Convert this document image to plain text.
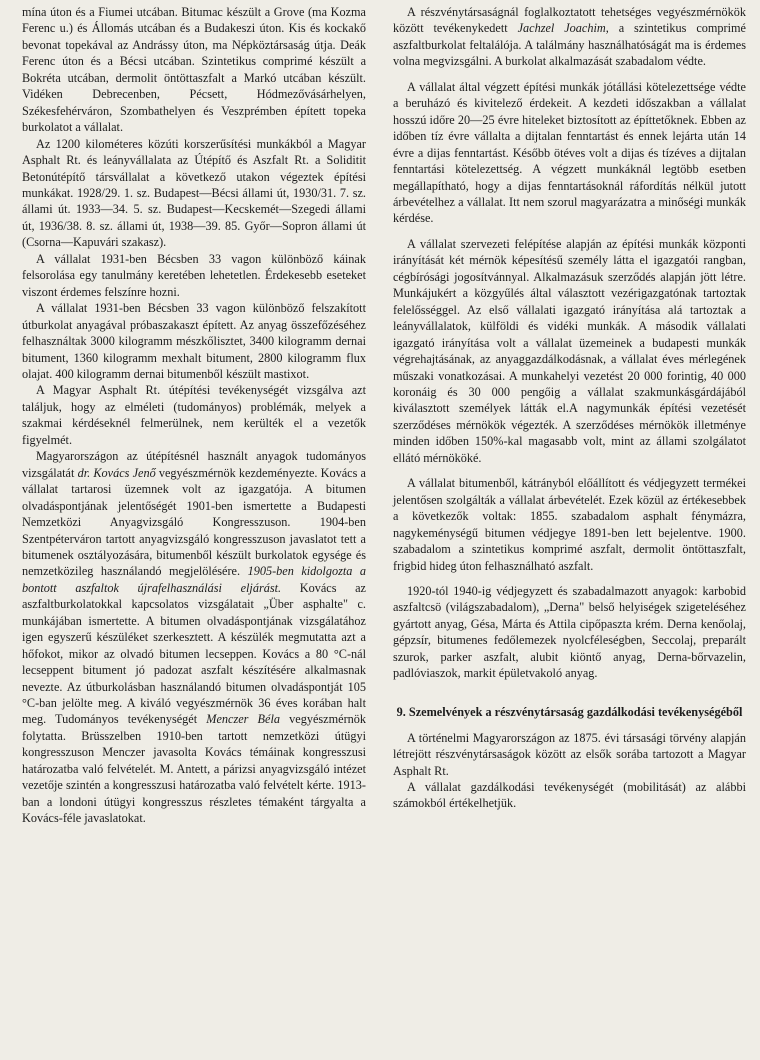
mína úton és a Fiumei utcában. Bitumac készült a Grove (ma Kozma Ferenc u.) és Állomás utcában és a Budakeszi úton. Kis és kockakő bevonat topekával az Andrássy úton, ma Népköztársaság útja. Deák Ferenc úton és a Bécsi utcában. Szintetikus comprimé készült a Bokréta utcában, dermolit öntöttaszfalt a Markó utcában készült. Vidéken Debrecenben, Pécsett, Hódmezővásárhelyen, Székesfehérváron, Szombathelyen és Veszprémben épített topeka burkolatot a vállalat.

Az 1200 kilométeres közúti korszerűsítési munkákból a Magyar Asphalt Rt. és leányvállalata az Útépítő és Aszfalt Rt. a Soliditit Betonútépítő társvállalat a következő utakon végeztek építési munkákat. 1928/29. 1. sz. Budapest—Bécsi állami út, 1930/31. 7. sz. állami út. 1933—34. 5. sz. Budapest—Kecskemét—Szegedi állami út, 1936/38. 8. sz. állami út, 1938—39. 85. Győr—Sopron állami út (Csorna—Kapuvári szakasz).

A vállalat 1931-ben Bécsben 33 vagon különböző káinak felsorolása egy tanulmány keretében lehetetlen. Érdekesebb eseteket viszont érdemes felszínre hozni.

A vállalat 1931-ben Bécsben 33 vagon különböző felszakított útburkolat anyagával próbaszakaszt épített. Az anyag összefőzéséhez felhasználtak 3000 kilogramm mészkőlisztet, 3400 kilogramm dernai bitument, 1360 kilogramm mexhalt bitument, 2800 kilogramm flux olajat. 400 kilogramm dernai bitumenből készült mastixot.

A Magyar Asphalt Rt. útépítési tevékenységét vizsgálva azt találjuk, hogy az elméleti (tudományos) problémák, melyek a szakmai kérdéseknél felmerülnek, nem kerülték el a vezetők figyelmét.

Magyarországon az útépítésnél használt anyagok tudományos vizsgálatát dr. Kovács Jenő vegyészmérnök kezdeményezte. Kovács a vállalat tartarosi üzemnek volt az igazgatója. A bitumen olvadáspontjának jelentőségét 1901-ben ismertette a Budapesti Nemzetközi Anyagvizsgáló Kongresszuson. 1904-ben Szentpéterváron tartott anyagvizsgáló kongresszuson javaslatot tett a bitumenek osztályozására, bitumenből készült burkolatok egysége és nemzetközileg használandó megjelölésére. 1905-ben kidolgozta a bontott aszfaltok újrafelhasználási eljárást. Kovács az aszfaltburkolatokkal kapcsolatos vizsgálatait „Über asphalte" c. munkájában ismertette. A bitumen olvadáspontjának vizsgálatához igen egyszerű készüléket szerkesztett. A készülék megmutatta azt a hőfokot, mikor az olvadó bitumen lecseppen. Kovács a 80 °C-nál lecseppent bitument jó padozat aszfalt készítésére alkalmasnak nevezte. Az útburkolásban használandó bitumen olvadáspontját 105 °C-ban jelölte meg. A kiváló vegyészmérnök 36 éves korában halt meg. Tudományos tevékenységét Menczer Béla vegyészmérnök folytatta. Brüsszelben 1910-ben tartott nemzetközi útügyi kongresszuson Menczer javasolta Kovács témáinak kongresszusi határozatba való felvételét. M. Antett, a párizsi anyagvizsgáló intézet vezetője szintén a kongresszusi határozatba való felvételt kérte. 1913-ban a londoni útügyi kongresszus részletes témaként tárgyalta a Kovács-féle javaslatokat.

A részvénytársaságnál foglalkoztatott tehetséges vegyészmérnökök között tevékenykedett Jachzel Joachim, a szintetikus comprimé aszfaltburkolat feltalálója. A találmány használhatóságát ma is érdemes volna megvizsgálni. A burkolat alkalmazását szabadalom védte.

A vállalat által végzett építési munkák jótállási kötelezettsége védte a beruházó és kivitelező érdekeit. A kezdeti időszakban a vállalat hosszú időre 20—25 évre hiteleket biztosított az építtetőknek. Ebben az időben tíz évre vállalta a dijtalan fenntartást és ennek lejárta után 14 évre a dijas fenntartást. Később ötéves volt a dijas és tízéves a dijtalan fenntartási kötelezettség. A végzett munkáknál legtöbb esetben megállapítható, hogy a dijas fenntartásoknál ráfordítás nélkül jutott árbevételhez a vállalat. Itt nem szorul magyarázatra a minőségi munkák kérdése.

A vállalat szervezeti felépítése alapján az építési munkák központi irányítását két mérnök képesítésű személy látta el igazgatói rangban, cégbírósági jogosítvánnyal. Alkalmazásuk szerződés alapján jött létre. Munkájukért a közgyűlés által választott vezérigazgatónak tartoztak felelősséggel. Az első vállalati igazgató irányítása alá tartoztak a leányvállalatok, külföldi és vidéki munkák. A második vállalati igazgató irányítása volt a vállalat üzemeinek a budapesti munkák végrehajtásának, az anyaggazdálkodásnak, a vállalat éves mérlegének műszaki vonatkozásai. A munkahelyi vezetést 20 000 forintig, 40 000 koronáig és 30 000 pengőig a vállalat szakmunkásgárdájából kiválasztott személyek látták el.A nagymunkák építési vezetését szerződéses mérnökök végezték. A szerződéses mérnökök illetménye minden időben 150%-kal magasabb volt, mint az állami szolgálatot ellátó mérnököké.

A vállalat bitumenből, kátrányból előállított és védjegyzett termékei jelentősen szolgálták a vállalat árbevételét. Ezek közül az értékesebbek a következők voltak: 1855. szabadalom asphalt fénymázra, nagykeménységű bitumen védjegye 1891-ben lett bejelentve. 1900. szabadalom a szintetikus komprimé aszfalt, dermolit öntöttaszfalt, frigbid hideg úton felhasználható aszfalt.

1920-tól 1940-ig védjegyzett és szabadalmazott anyagok: karbobid aszfaltcsö (világszabadalom), „Derna" belső helyiségek szigeteléséhez gyártott anyag, Gésa, Márta és Attila cipőpaszta krém. Derna kenőolaj, gépzsír, bitumenes fedőlemezek nyolcféleségben, Seccolaj, preparált szurok, parker aszfalt, alubit kiöntő anyag, Derna-bőrvazelin, padlóviaszok, markit épületvakoló anyag.

9. Szemelvények a részvénytársaság gazdálkodási tevékenységéből

A történelmi Magyarországon az 1875. évi társasági törvény alapján létrejött részvénytársaságok között az elsők sorába tartozott a Magyar Asphalt Rt.

A vállalat gazdálkodási tevékenységét (mobilitását) az alábbi számokból értékelhetjük.
